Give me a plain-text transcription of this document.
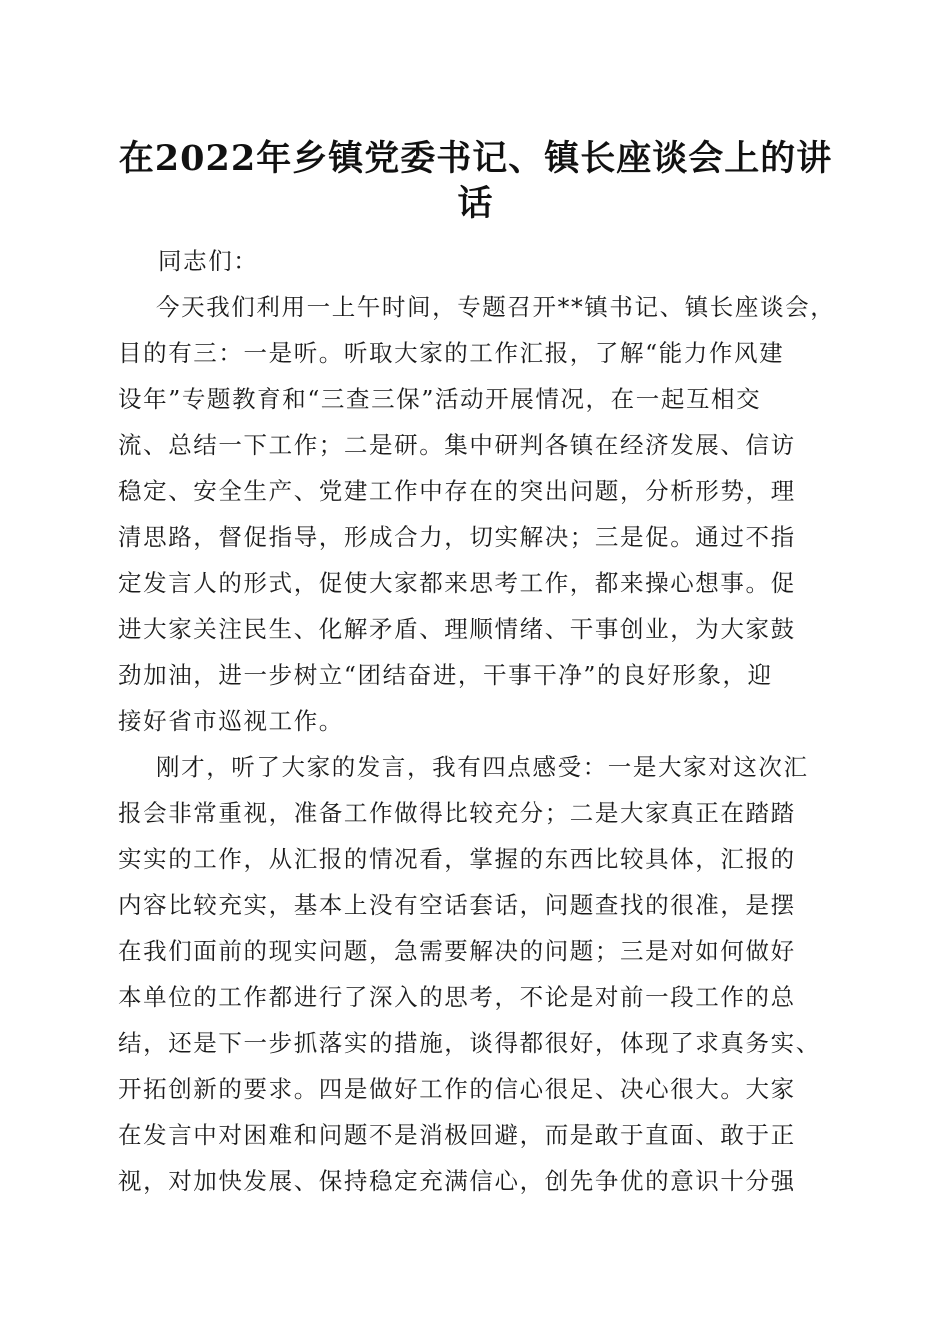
在2022年乡镇党委书记、镇长座谈会上的讲
话

同志们：

今天我们利用一上午时间，专题召开**镇书记、镇长座谈会，
目的有三：一是听。听取大家的工作汇报，了解“能力作风建
设年”专题教育和“三查三保”活动开展情况，在一起互相交
流、总结一下工作；二是研。集中研判各镇在经济发展、信访
稳定、安全生产、党建工作中存在的突出问题，分析形势，理
清思路，督促指导，形成合力，切实解决；三是促。通过不指
定发言人的形式，促使大家都来思考工作，都来操心想事。促
进大家关注民生、化解矛盾、理顺情绪、干事创业，为大家鼓
劲加油，进一步树立“团结奋进，干事干净”的良好形象，迎
接好省市巡视工作。
刚才，听了大家的发言，我有四点感受：一是大家对这次汇
报会非常重视，准备工作做得比较充分；二是大家真正在踏踏
实实的工作，从汇报的情况看，掌握的东西比较具体，汇报的
内容比较充实，基本上没有空话套话，问题查找的很准，是摆
在我们面前的现实问题，急需要解决的问题；三是对如何做好
本单位的工作都进行了深入的思考，不论是对前一段工作的总
结，还是下一步抓落实的措施，谈得都很好，体现了求真务实、
开拓创新的要求。四是做好工作的信心很足、决心很大。大家
在发言中对困难和问题不是消极回避，而是敢于直面、敢于正
视，对加快发展、保持稳定充满信心，创先争优的意识十分强
